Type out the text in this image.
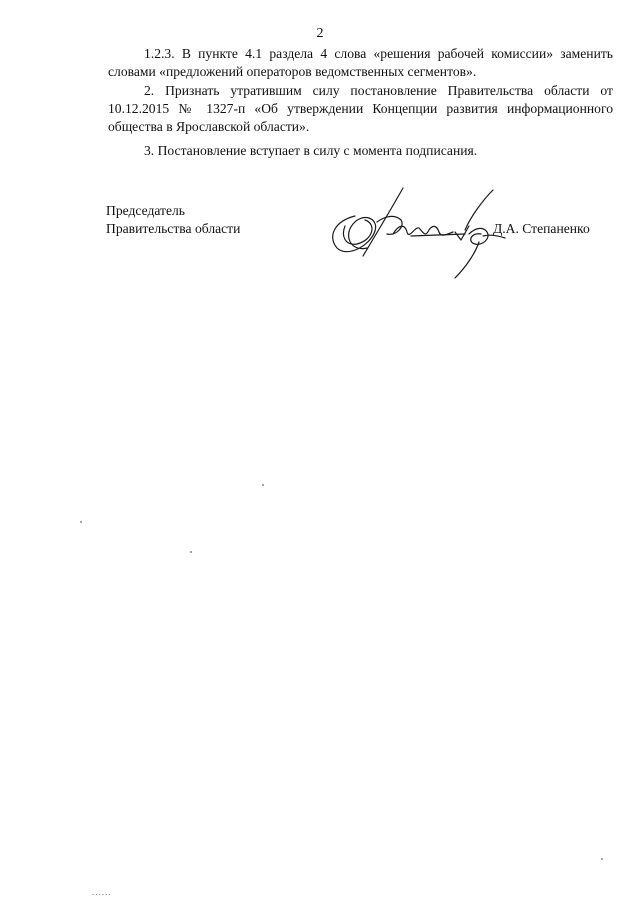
2

1.2.3. В пункте 4.1 раздела 4 слова «решения рабочей комиссии» заменить словами «предложений операторов ведомственных сегментов».

2. Признать утратившим силу постановление Правительства области от 10.12.2015 № 1327-п «Об утверждении Концепции развития информационного общества в Ярославской области».

3. Постановление вступает в силу с момента подписания.

Председатель
Правительства области	Д.А. Степаненко
......
